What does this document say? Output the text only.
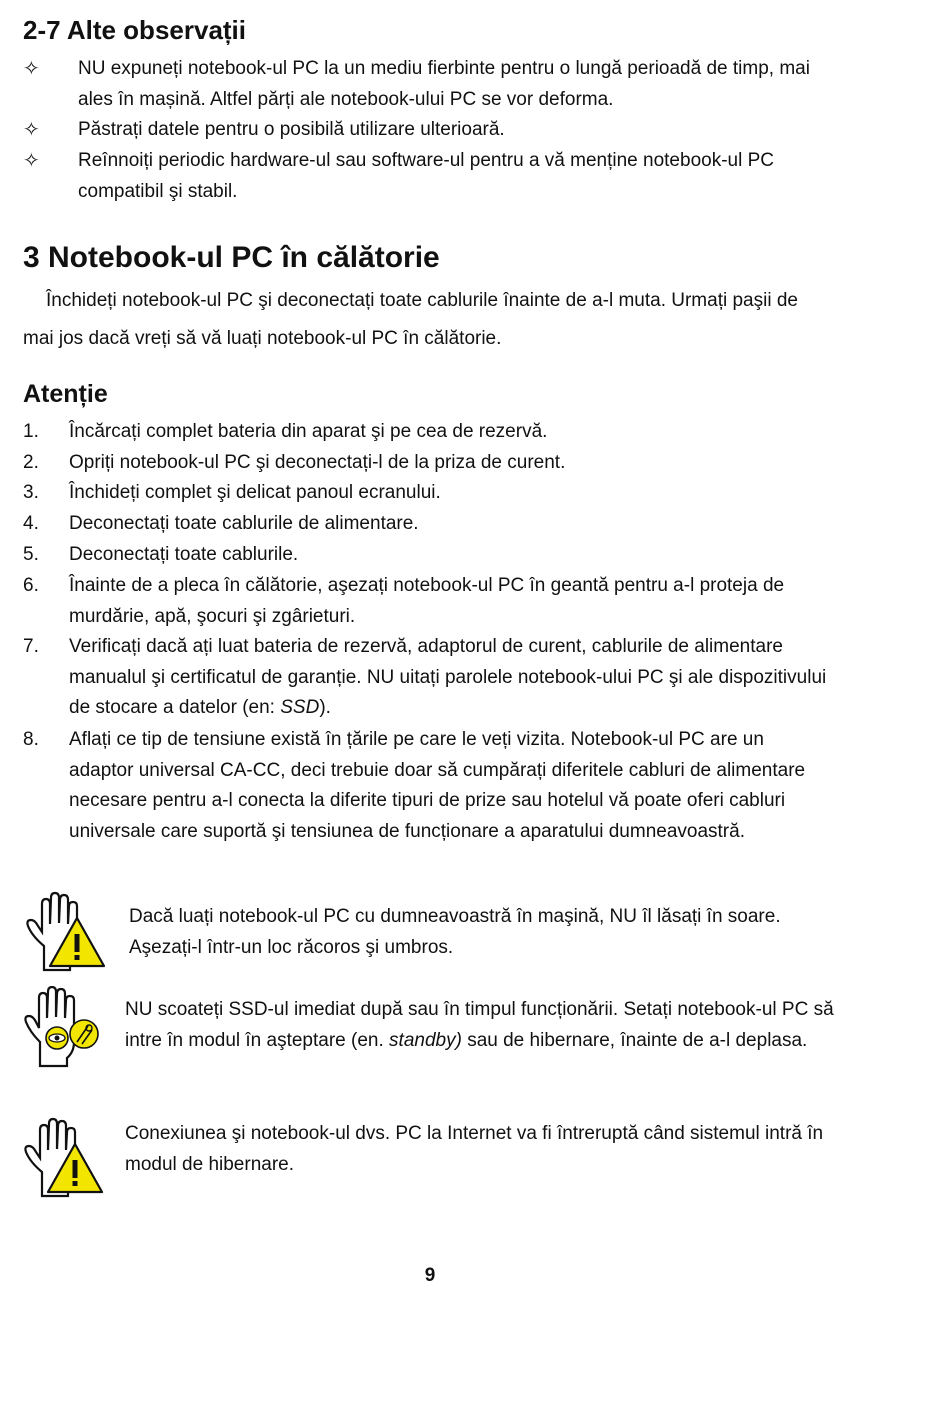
2-7 Alte observații
✧ NU expuneți notebook-ul PC la un mediu fierbinte pentru o lungă perioadă de timp, mai ales în mașină. Altfel părți ale notebook-ului PC se vor deforma.
✧ Păstrați datele pentru o posibilă utilizare ulterioară.
✧ Reînnoiți periodic hardware-ul sau software-ul pentru a vă menține notebook-ul PC compatibil şi stabil.
3 Notebook-ul PC în călătorie
Închideți notebook-ul PC şi deconectați toate cablurile înainte de a-l muta. Urmați paşii de mai jos dacă vreți să vă luați notebook-ul PC în călătorie.
Atenție
1. Încărcați complet bateria din aparat şi pe cea de rezervă.
2. Opriți notebook-ul PC şi deconectați-l de la priza de curent.
3. Închideți complet şi delicat panoul ecranului.
4. Deconectați toate cablurile de alimentare.
5. Deconectați toate cablurile.
6. Înainte de a pleca în călătorie, aşezați notebook-ul PC în geantă pentru a-l proteja de murdărie, apă, şocuri şi zgârieturi.
7. Verificați dacă ați luat bateria de rezervă, adaptorul de curent, cablurile de alimentare manualul şi certificatul de garanție. NU uitați parolele notebook-ului PC şi ale dispozitivului de stocare a datelor (en: SSD).
8. Aflați ce tip de tensiune există în țările pe care le veți vizita. Notebook-ul PC are un adaptor universal CA-CC, deci trebuie doar să cumpărați diferitele cabluri de alimentare necesare pentru a-l conecta la diferite tipuri de prize sau hotelul vă poate oferi cabluri universale care suportă şi tensiunea de funcționare a aparatului dumneavoastră.
Dacă luați notebook-ul PC cu dumneavoastră în maşină, NU îl lăsați în soare. Aşezați-l într-un loc răcoros şi umbros.
NU scoateți SSD-ul imediat după sau în timpul funcționării. Setați notebook-ul PC să intre în modul în aşteptare (en. standby) sau de hibernare, înainte de a-l deplasa.
Conexiunea şi notebook-ul dvs. PC la Internet va fi întreruptă când sistemul intră în modul de hibernare.
9
